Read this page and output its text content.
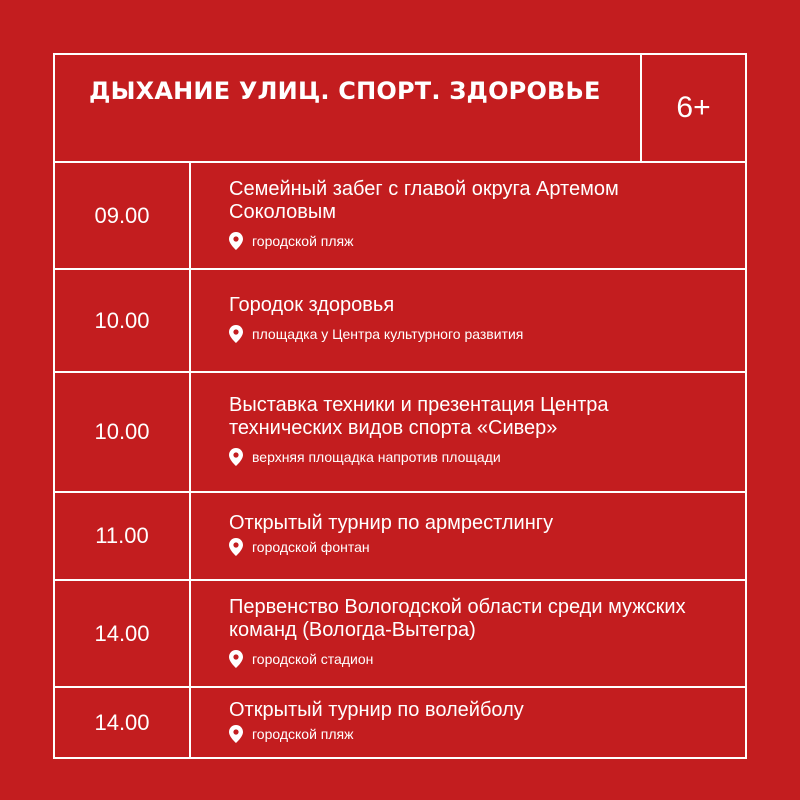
ДЫХАНИЕ УЛИЦ. СПОРТ. ЗДОРОВЬЕ	6+
09.00
Семейный забег с главой округа Артемом Соколовым
городской пляж
10.00
Городок здоровья
площадка у Центра культурного развития
10.00
Выставка техники и презентация Центра технических видов спорта «Сивер»
верхняя площадка напротив площади
11.00	Открытый турнир по армрестлингу
городской фонтан
14.00
Первенство Вологодской области среди мужских команд (Вологда-Вытегра)
городской стадион
14.00	Открытый турнир по волейболу
городской пляж
